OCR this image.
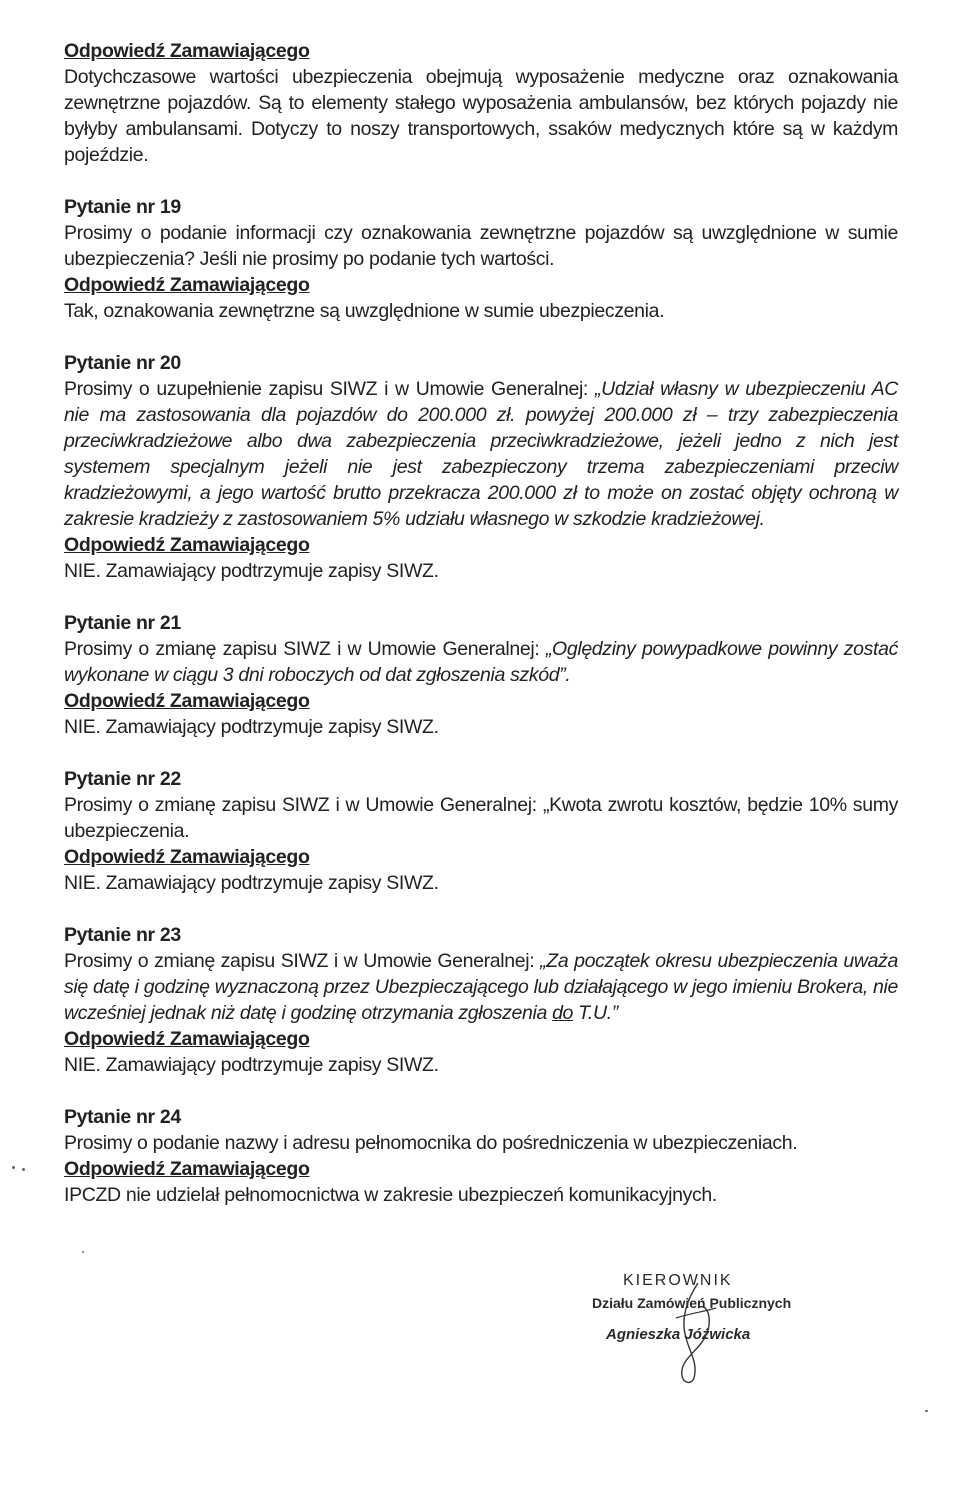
Odpowiedź Zamawiającego
Dotychczasowe wartości ubezpieczenia obejmują wyposażenie medyczne oraz oznakowania zewnętrzne pojazdów. Są to elementy stałego wyposażenia ambulansów, bez których pojazdy nie byłyby ambulansami. Dotyczy to noszy transportowych, ssaków medycznych które są w każdym pojeździe.
Pytanie nr 19
Prosimy o podanie informacji czy oznakowania zewnętrzne pojazdów są uwzględnione w sumie ubezpieczenia? Jeśli nie prosimy po podanie tych wartości.
Odpowiedź Zamawiającego
Tak, oznakowania zewnętrzne są uwzględnione w sumie ubezpieczenia.
Pytanie nr 20
Prosimy o uzupełnienie zapisu SIWZ i w Umowie Generalnej: „Udział własny w ubezpieczeniu AC nie ma zastosowania dla pojazdów do 200.000 zł. powyżej 200.000 zł – trzy zabezpieczenia przeciwkradzieżowe albo dwa zabezpieczenia przeciwkradzieżowe, jeżeli jedno z nich jest systemem specjalnym jeżeli nie jest zabezpieczony trzema zabezpieczeniami przeciw kradzieżowymi, a jego wartość brutto przekracza 200.000 zł to może on zostać objęty ochroną w zakresie kradzieży z zastosowaniem 5% udziału własnego w szkodzie kradzieżowej.
Odpowiedź Zamawiającego
NIE. Zamawiający podtrzymuje zapisy SIWZ.
Pytanie nr 21
Prosimy o zmianę zapisu SIWZ i w Umowie Generalnej: „Oględziny powypadkowe powinny zostać wykonane w ciągu 3 dni roboczych od dat zgłoszenia szkód”.
Odpowiedź Zamawiającego
NIE. Zamawiający podtrzymuje zapisy SIWZ.
Pytanie nr 22
Prosimy o zmianę zapisu SIWZ i w Umowie Generalnej: „Kwota zwrotu kosztów, będzie 10% sumy ubezpieczenia.
Odpowiedź Zamawiającego
NIE. Zamawiający podtrzymuje zapisy SIWZ.
Pytanie nr 23
Prosimy o zmianę zapisu SIWZ i w Umowie Generalnej: „Za początek okresu ubezpieczenia uważa się datę i godzinę wyznaczoną przez Ubezpieczającego lub działającego w jego imieniu Brokera, nie wcześniej jednak niż datę i godzinę otrzymania zgłoszenia do T.U.”
Odpowiedź Zamawiającego
NIE. Zamawiający podtrzymuje zapisy SIWZ.
Pytanie nr 24
Prosimy o podanie nazwy i adresu pełnomocnika do pośredniczenia w ubezpieczeniach.
Odpowiedź Zamawiającego
IPCZD nie udzielał pełnomocnictwa w zakresie ubezpieczeń komunikacyjnych.
KIEROWNIK
Działu Zamówień Publicznych
Agnieszka Jóźwicka
